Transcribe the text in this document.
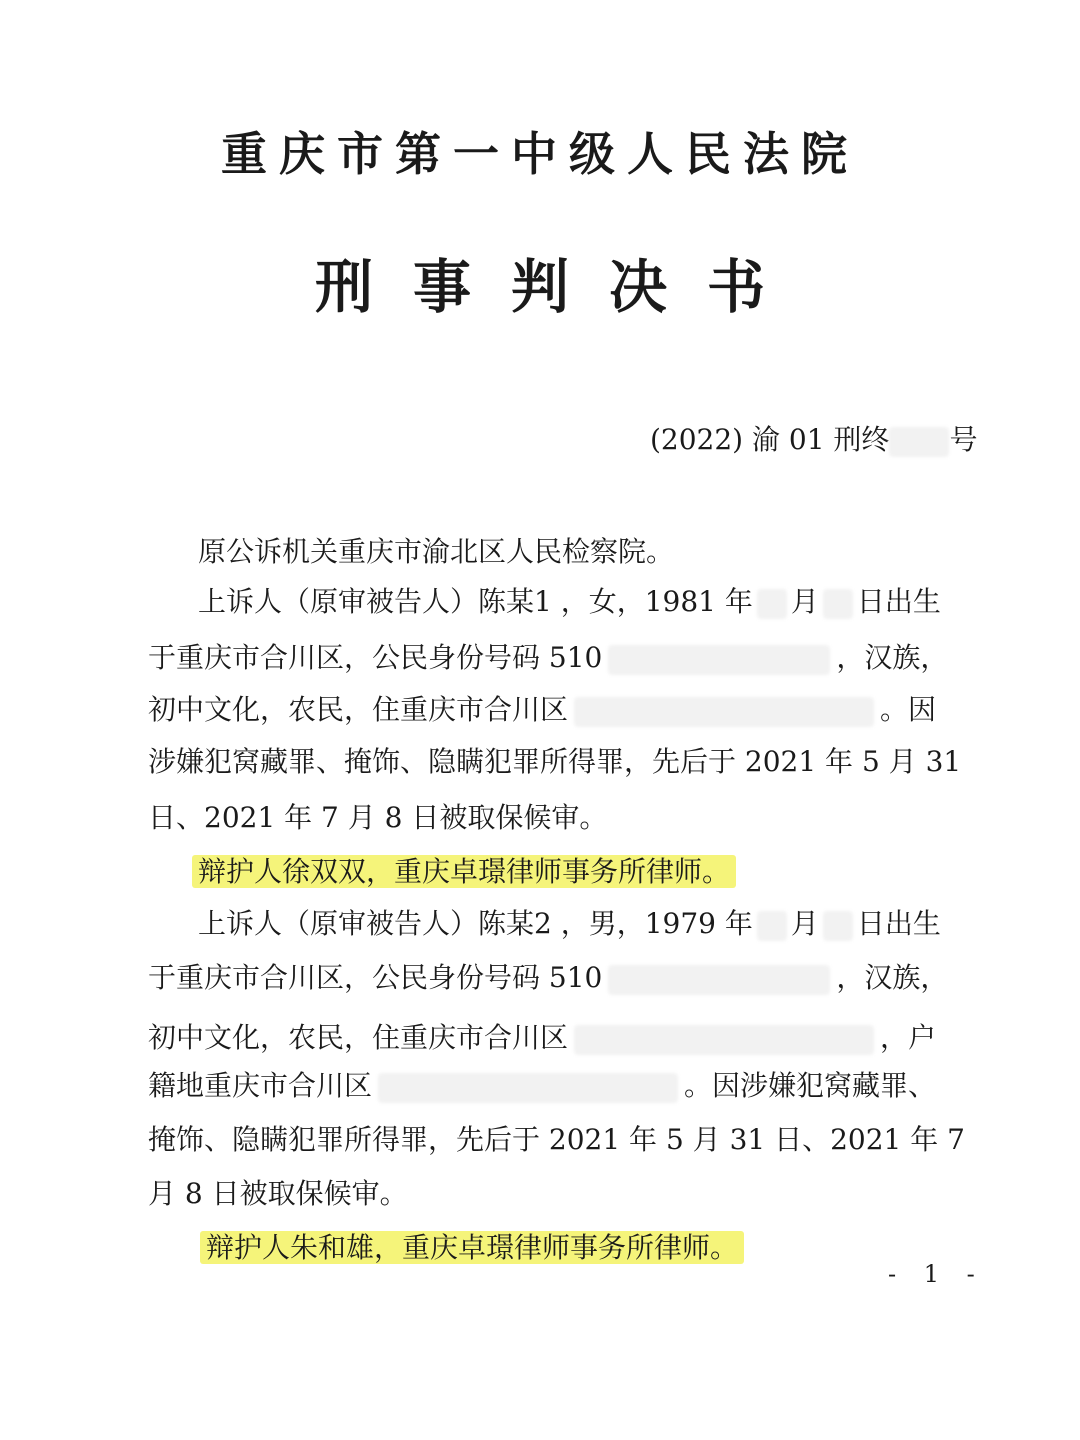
重庆市第一中级人民法院
刑事判决书
(2022) 渝 01 刑终 号
原公诉机关重庆市渝北区人民检察院。
上诉人（原审被告人）陈某1 ，女，1981 年 月 日出生
于重庆市合川区，公民身份号码 510	，汉族，
初中文化，农民，住重庆市合川区	。因
涉嫌犯窝藏罪、掩饰、隐瞒犯罪所得罪，先后于 2021 年 5 月 31
日、2021 年 7 月 8 日被取保候审。
辩护人徐双双，重庆卓璟律师事务所律师。
上诉人（原审被告人）陈某2 ，男，1979 年 月 日出生
于重庆市合川区，公民身份号码 510	，汉族，
初中文化，农民，住重庆市合川区	，户
籍地重庆市合川区	。因涉嫌犯窝藏罪、
掩饰、隐瞒犯罪所得罪，先后于 2021 年 5 月 31 日、2021 年 7
月 8 日被取保候审。
辩护人朱和雄，重庆卓璟律师事务所律师。
- 1 -
